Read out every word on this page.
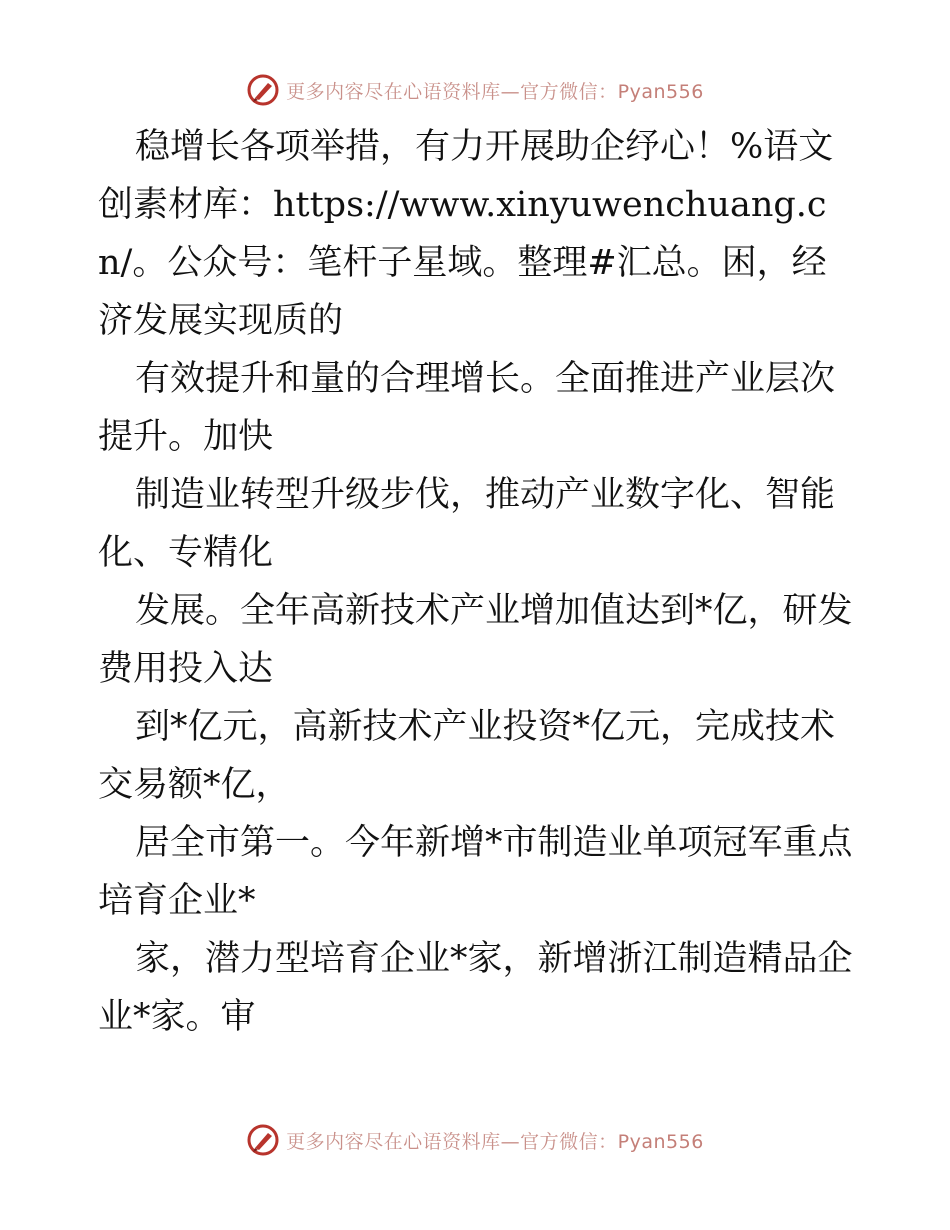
更多内容尽在心语资料库—官方微信：Pyan556

稳增长各项举措，有力开展助企纾心！%语文创素材库：https://www.xinyuwenchuang.cn/。公众号：笔杆子星域。整理#汇总。困，经济发展实现质的

有效提升和量的合理增长。全面推进产业层次提升。加快

制造业转型升级步伐，推动产业数字化、智能化、专精化

发展。全年高新技术产业增加值达到*亿，研发费用投入达

到*亿元，高新技术产业投资*亿元，完成技术交易额*亿，

居全市第一。今年新增*市制造业单项冠军重点培育企业*

家，潜力型培育企业*家，新增浙江制造精品企业*家。审

更多内容尽在心语资料库—官方微信：Pyan556
